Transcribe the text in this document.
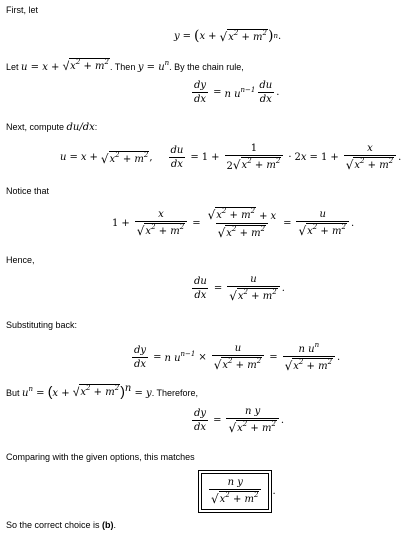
First, let
y = ( x + √ $x^2 + m^2$ ) n .
Let u = x + √ $x^2 + m^2$ . Then $y = u^n$. By the chain rule,
$\frac{dy}{dx} = n$ $u^{n-1} \frac{du}{dx}$ .
Next, compute du/dx:
u = x + √ $x^2 + m^2$ , $\frac{du}{dx} = 1 + \frac{1}{2 √ x^2 + m^2} \cdot 2$ $x = 1 + \frac{x}{√ x^2 + m^2}$ .
Notice that
$1 + \frac{x}{√ x^2 + m^2} = \frac{√ x^2 + m^2 + x}{√ x^2 + m^2} = \frac{u}{√ x^2 + m^2}$ .
Hence,
$\frac{du}{dx} = \frac{u}{√ x^2 + m^2}$ .
Substituting back:
$\frac{dy}{dx} = n$ $u^{n-1} \times \frac{u}{√ x^2 + m^2} = \frac{n u^n}{√ x^2 + m^2}$ .
But $u^n = (x$ + √ $x^2 + m^2$ )$^n$ = y. Therefore,
$\frac{dy}{dx} = \frac{\text{n y}}{√ x^2 + m^2}$ .
Comparing with the given options, this matches
$\frac{\text{n y}}{√ x^2 + m^2}$ .
So the correct choice is (b).
